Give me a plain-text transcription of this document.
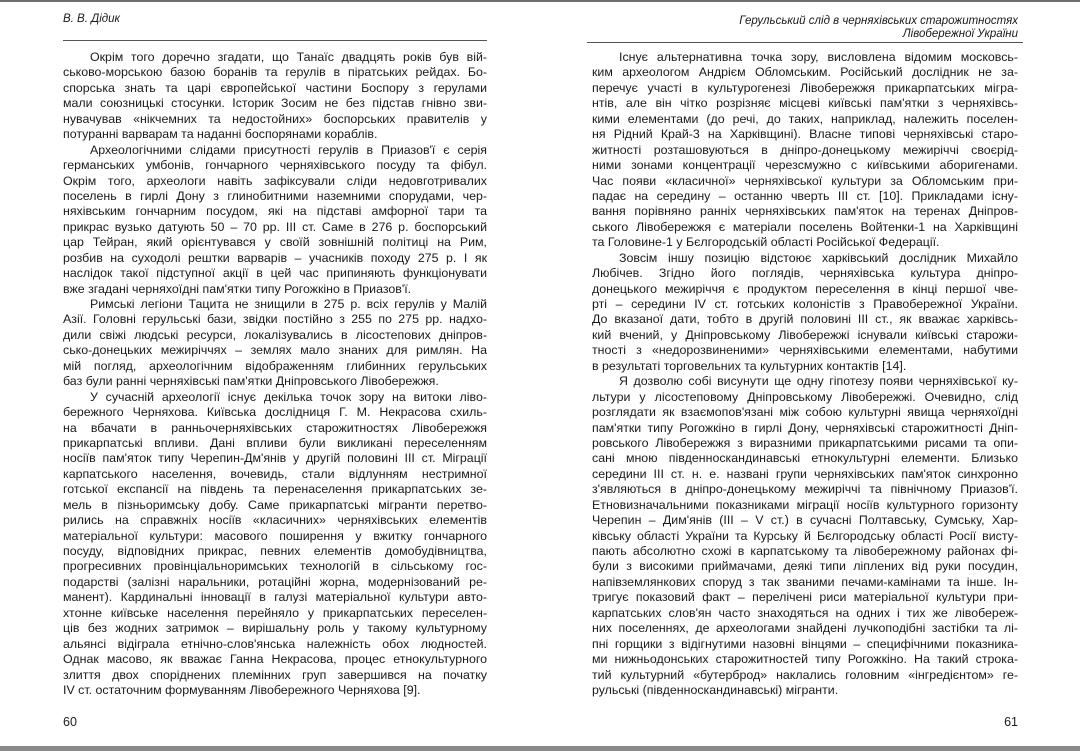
В. В. Дідик
Окрім того доречно згадати, що Танаїс двадцять років був вій-
ськово-морською базою боранів та герулів в піратських рейдах. Бо-
спорська знать та царі європейської частини Боспору з герулами
мали союзницькі стосунки. Історик Зосим не без підстав гнівно зви-
нувачував «нікчемних та недостойних» боспорських правителів у
потуранні варварам та наданні боспорянами кораблів.
Археологічними слідами присутності герулів в Приазов'ї є серія
германських умбонів, гончарного черняхівського посуду та фібул.
Окрім того, археологи навіть зафіксували сліди недовготривалих
поселень в гирлі Дону з глинобитними наземними спорудами, чер-
няхівським гончарним посудом, які на підставі амфорної тари та
прикрас вузько датують 50 – 70 рр. III ст. Саме в 276 р. боспорський
цар Тейран, який орієнтувався у своїй зовнішній політиці на Рим,
розбив на суходолі рештки варварів – учасників походу 275 р. І як
наслідок такої підступної акції в цей час припиняють функціонувати
вже згадані черняхоїдні пам'ятки типу Рогожкіно в Приазов'ї.
Римські легіони Тацита не знищили в 275 р. всіх герулів у Малій
Азії. Головні герульські бази, звідки постійно з 255 по 275 рр. надхо-
дили свіжі людські ресурси, локалізувались в лісостепових дніпров-
сько-донецьких межиріччях – землях мало знаних для римлян. На
мій погляд, археологічним відображенням глибинних герульських
баз були ранні черняхівські пам'ятки Дніпровського Лівобережжя.
У сучасній археології існує декілька точок зору на витоки ліво-
бережного Черняхова. Київська дослідниця Г. М. Некрасова схиль-
на вбачати в ранньочерняхівських старожитностях Лівобережжя
прикарпатські впливи. Дані впливи були викликані переселенням
носіїв пам'яток типу Черепин-Дм'янів у другій половині III ст. Міграції
карпатського населення, вочевидь, стали відлунням нестримної
готської експансії на південь та перенаселення прикарпатських зе-
мель в пізньоримську добу. Саме прикарпатські мігранти перетво-
рились на справжніх носіїв «класичних» черняхівських елементів
матеріальної культури: масового поширення у вжитку гончарного
посуду, відповідних прикрас, певних елементів домобудівництва,
прогресивних провінціальноримських технологій в сільському гос-
подарстві (залізні наральники, ротаційні жорна, модернізований ре-
манент). Кардинальні інновації в галузі матеріальної культури авто-
хтонне київське населення перейняло у прикарпатських переселен-
ців без жодних затримок – вирішальну роль у такому культурному
альянсі відіграла етнічно-слов'янська належність обох людностей.
Однак масово, як вважає Ганна Некрасова, процес етнокультурного
злиття двох споріднених племінних груп завершився на початку
IV ст. остаточним формуванням Лівобережного Черняхова [9].
60
Герульський слід в черняхівських старожитностях
Лівобережної України
Існує альтернативна точка зору, висловлена відомим московсь-
ким археологом Андрієм Обломським. Російський дослідник не за-
перечує участі в культурогенезі Лівобережжя прикарпатських мігра-
нтів, але він чітко розрізняє місцеві київські пам'ятки з черняхівсь-
кими елементами (до речі, до таких, наприклад, належить поселен-
ня Рідний Край-3 на Харківщині). Власне типові черняхівські старо-
житності розташовуються в дніпро-донецькому межиріччі своєрід-
ними зонами концентрації черезсмужно с київськими аборигенами.
Час появи «класичної» черняхівської культури за Обломським при-
падає на середину – останню чверть III ст. [10]. Прикладами існу-
вання порівняно ранніх черняхівських пам'яток на теренах Дніпров-
ського Лівобережжя є матеріали поселень Войтенки-1 на Харківщині
та Головине-1 у Бєлгородській області Російської Федерації.
Зовсім іншу позицію відстоює харківський дослідник Михайло
Любічев. Згідно його поглядів, черняхівська культура дніпро-
донецького межиріччя є продуктом переселення в кінці першої чве-
рті – середини IV ст. готських колоністів з Правобережної України.
До вказаної дати, тобто в другій половині III ст., як вважає харківсь-
кий вчений, у Дніпровському Лівобережжі існували київські старожи-
тності з «недорозвиненими» черняхівськими елементами, набутими
в результаті торговельних та культурних контактів [14].
Я дозволю собі висунути ще одну гіпотезу появи черняхівської ку-
льтури у лісостеповому Дніпровському Лівобережжі. Очевидно, слід
розглядати як взаємопов'язані між собою культурні явища черняхоїдні
пам'ятки типу Рогожкіно в гирлі Дону, черняхівські старожитності Дніп-
ровського Лівобережжя з виразними прикарпатськими рисами та опи-
сані мною південноскандинавські етнокультурні елементи. Близько
середини III ст. н. е. названі групи черняхівських пам'яток синхронно
з'являються в дніпро-донецькому межиріччі та північному Приазов'ї.
Етновизначальними показниками міграції носіїв культурного горизонту
Черепин – Дим'янів (III – V ст.) в сучасні Полтавську, Сумську, Хар-
ківську області України та Курську й Бєлгородську області Росії висту-
пають абсолютно схожі в карпатському та лівобережному районах фі-
були з високими приймачами, деякі типи ліплених від руки посудин,
напівземлянкових споруд з так званими печами-камінами та інше. Ін-
тригує показовий факт – перелічені риси матеріальної культури при-
карпатських слов'ян часто знаходяться на одних і тих же лівобереж-
них поселеннях, де археологами знайдені лучкоподібні застібки та лі-
пні горщики з відігнутими назовні вінцями – специфічними показника-
ми нижньодонських старожитностей типу Рогожкіно. На такий строка-
тий культурний «бутерброд» наклались головним «інгредієнтом» ге-
рульські (південноскандинавські) мігранти.
61
